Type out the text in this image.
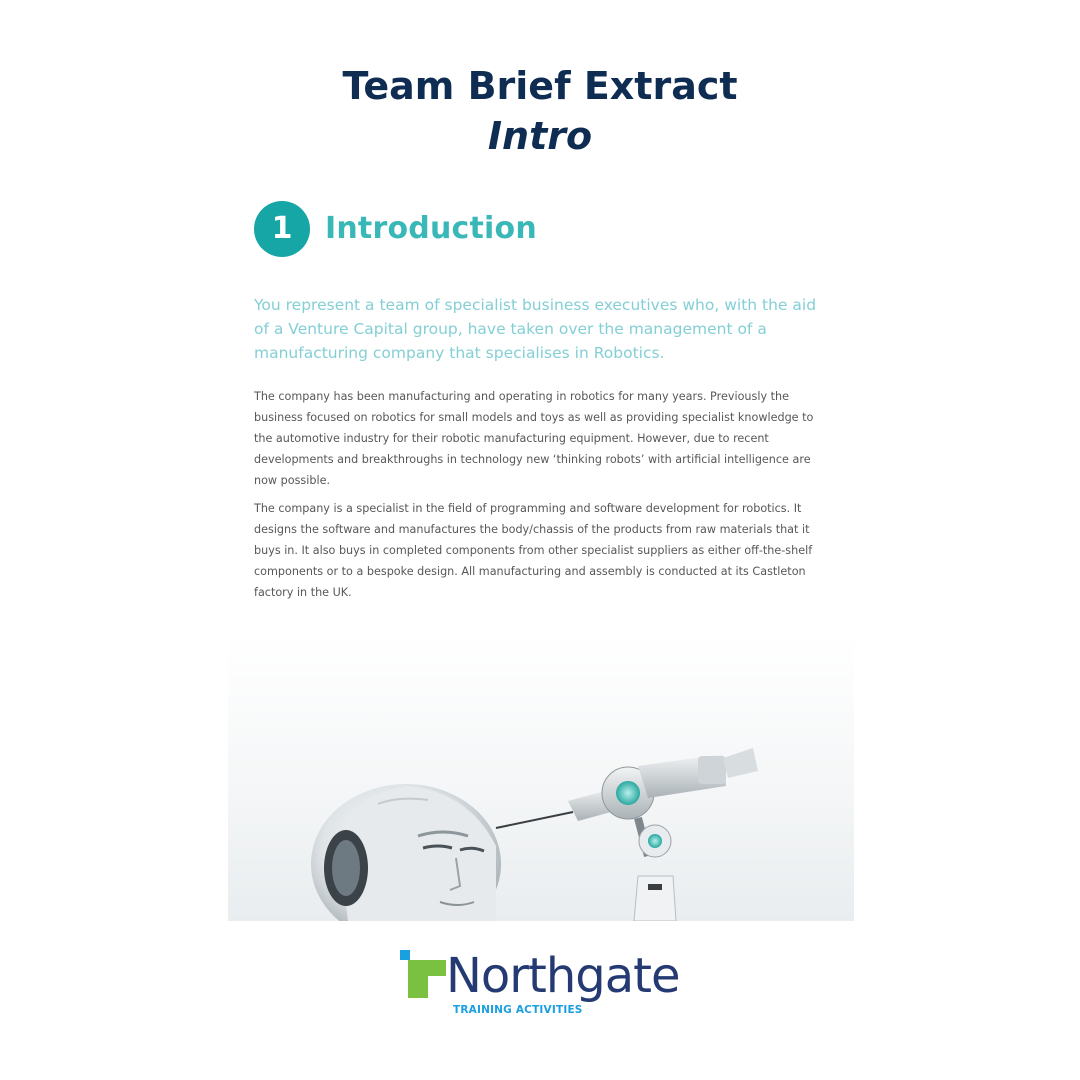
Team Brief Extract
Intro
1	Introduction

You represent a team of specialist business executives who, with the aid of a Venture Capital group, have taken over the management of a manufacturing company that specialises in Robotics.

The company has been manufacturing and operating in robotics for many years. Previously the business focused on robotics for small models and toys as well as providing specialist knowledge to the automotive industry for their robotic manufacturing equipment. However, due to recent developments and breakthroughs in technology new ‘thinking robots’ with artificial intelligence are now possible.

The company is a specialist in the field of programming and software development for robotics. It designs the software and manufactures the body/chassis of the products from raw materials that it buys in. It also buys in completed components from other specialist suppliers as either off-the-shelf components or to a bespoke design. All manufacturing and assembly is conducted at its Castleton factory in the UK.

Northgate

TRAINING ACTIVITIES
